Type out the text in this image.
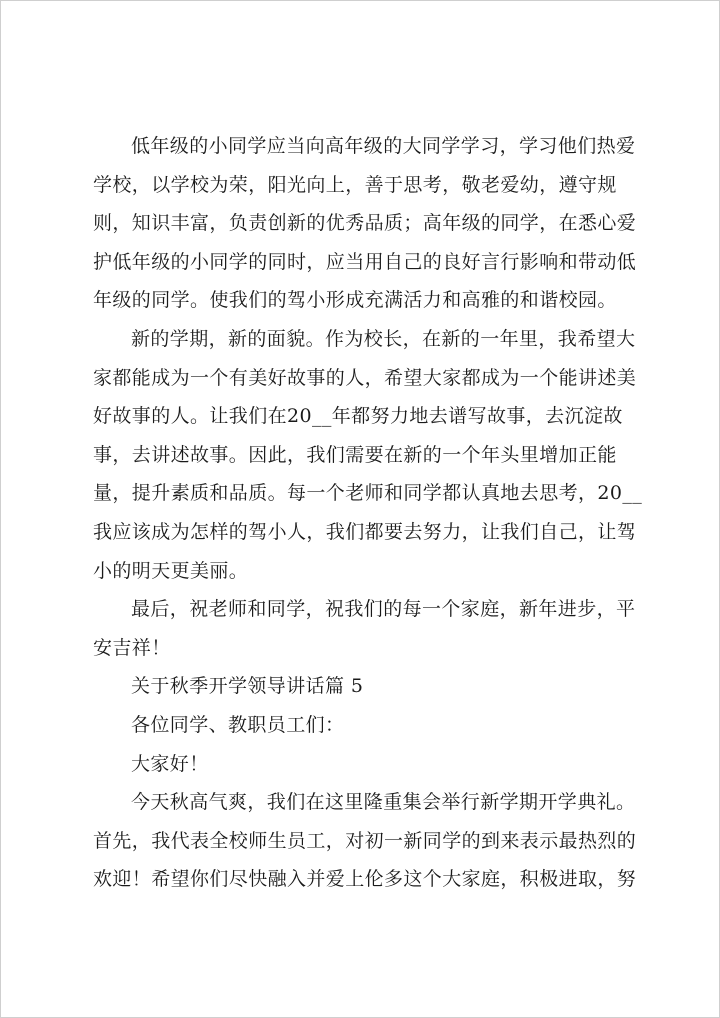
低年级的小同学应当向高年级的大同学学习，学习他们热爱
学校，以学校为荣，阳光向上，善于思考，敬老爱幼，遵守规
则，知识丰富，负责创新的优秀品质；高年级的同学，在悉心爱
护低年级的小同学的同时，应当用自己的良好言行影响和带动低
年级的同学。使我们的驾小形成充满活力和高雅的和谐校园。

新的学期，新的面貌。作为校长，在新的一年里，我希望大
家都能成为一个有美好故事的人，希望大家都成为一个能讲述美
好故事的人。让我们在20__年都努力地去谱写故事，去沉淀故
事，去讲述故事。因此，我们需要在新的一个年头里增加正能
量，提升素质和品质。每一个老师和同学都认真地去思考，20__
我应该成为怎样的驾小人，我们都要去努力，让我们自己，让驾
小的明天更美丽。

最后，祝老师和同学，祝我们的每一个家庭，新年进步，平
安吉祥！

关于秋季开学领导讲话篇 5

各位同学、教职员工们：

大家好！

今天秋高气爽，我们在这里隆重集会举行新学期开学典礼。
首先，我代表全校师生员工，对初一新同学的到来表示最热烈的
欢迎！希望你们尽快融入并爱上伦多这个大家庭，积极进取，努
